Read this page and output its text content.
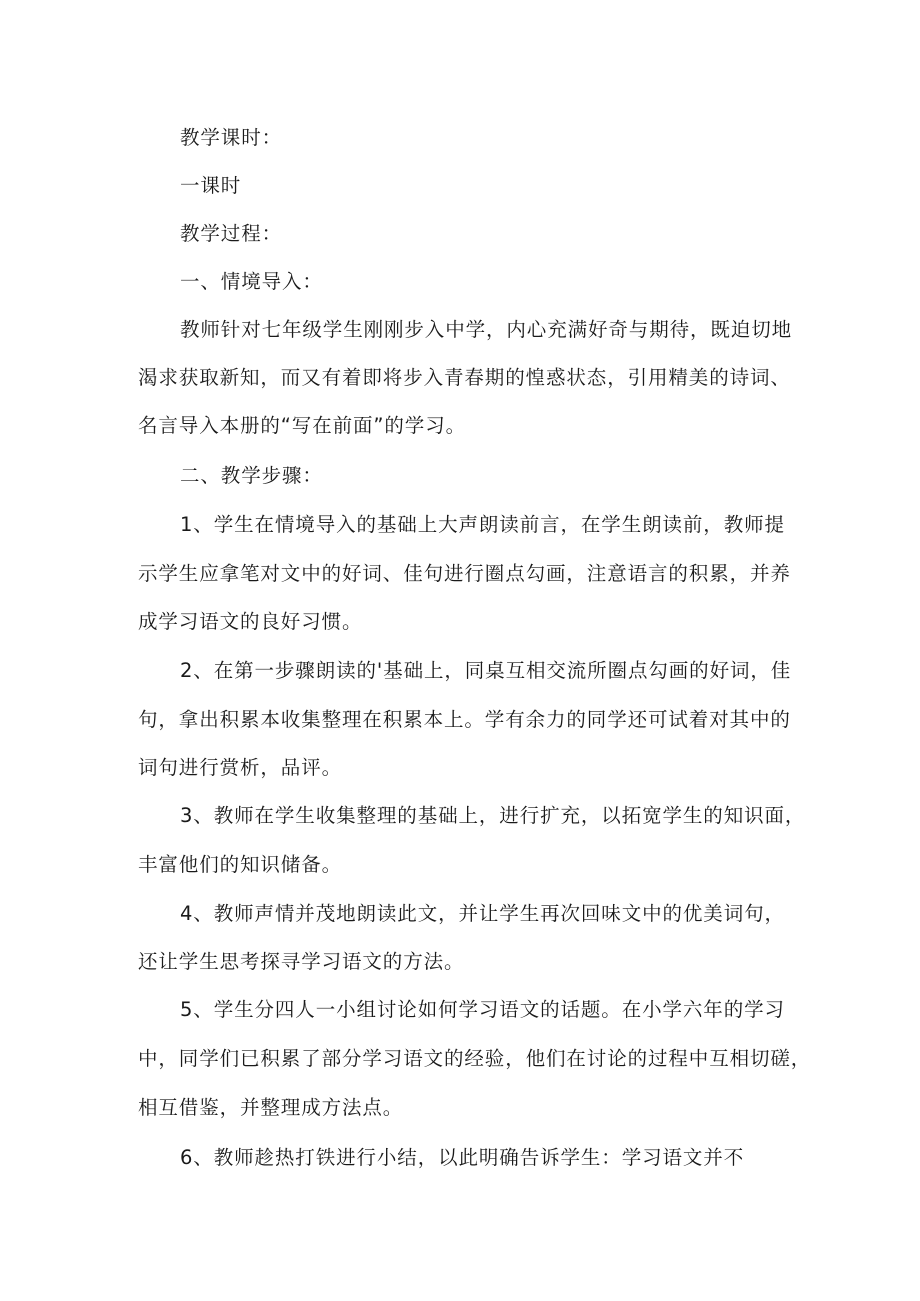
教学课时：
一课时
教学过程：
一、情境导入：
教师针对七年级学生刚刚步入中学，内心充满好奇与期待，既迫切地
渴求获取新知，而又有着即将步入青春期的惶惑状态，引用精美的诗词、
名言导入本册的“写在前面”的学习。
二、教学步骤：
1、学生在情境导入的基础上大声朗读前言，在学生朗读前，教师提
示学生应拿笔对文中的好词、佳句进行圈点勾画，注意语言的积累，并养
成学习语文的良好习惯。
2、在第一步骤朗读的'基础上，同桌互相交流所圈点勾画的好词，佳
句，拿出积累本收集整理在积累本上。学有余力的同学还可试着对其中的
词句进行赏析，品评。
3、教师在学生收集整理的基础上，进行扩充，以拓宽学生的知识面，
丰富他们的知识储备。
4、教师声情并茂地朗读此文，并让学生再次回味文中的优美词句，
还让学生思考探寻学习语文的方法。
5、学生分四人一小组讨论如何学习语文的话题。在小学六年的学习
中，同学们已积累了部分学习语文的经验，他们在讨论的过程中互相切磋，
相互借鉴，并整理成方法点。
6、教师趁热打铁进行小结，以此明确告诉学生：学习语文并不
